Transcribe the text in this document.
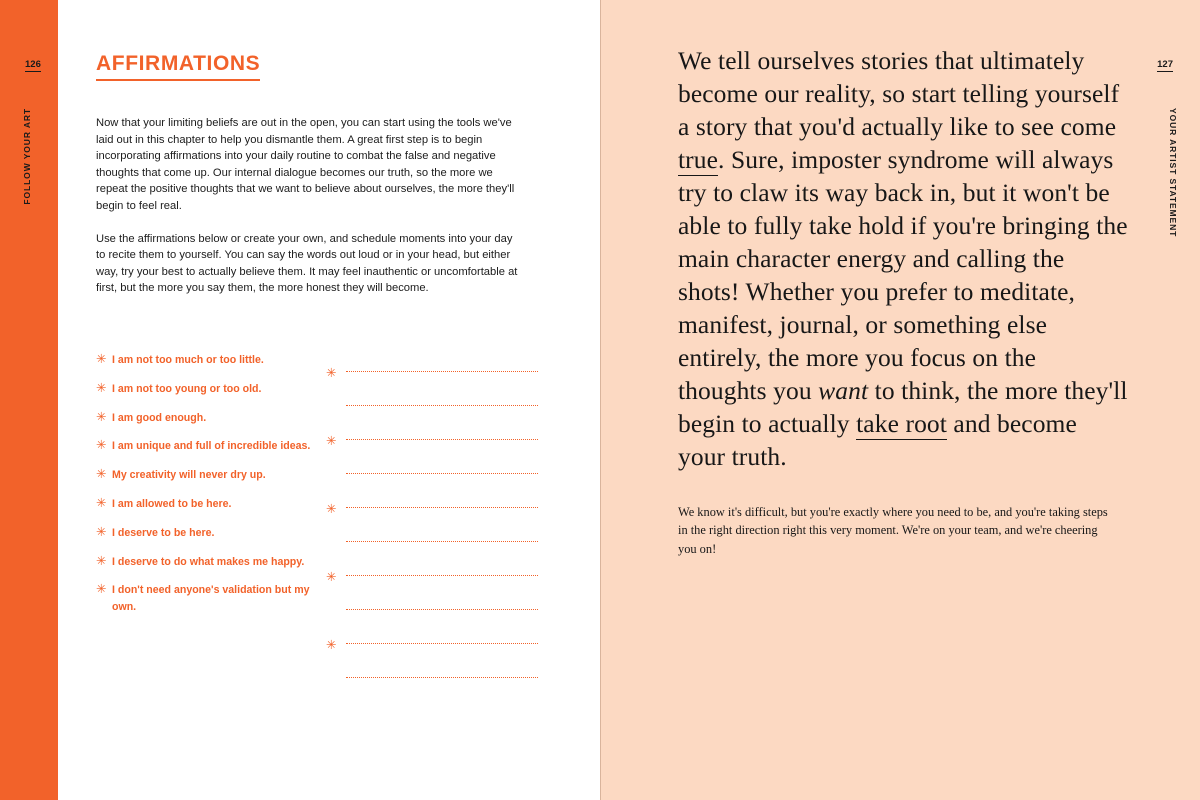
126
FOLLOW YOUR ART
AFFIRMATIONS

Now that your limiting beliefs are out in the open, you can start using the tools we've laid out in this chapter to help you dismantle them. A great first step is to begin incorporating affirmations into your daily routine to combat the false and negative thoughts that come up. Our internal dialogue becomes our truth, so the more we repeat the positive thoughts that we want to believe about ourselves, the more they'll begin to feel real.

Use the affirmations below or create your own, and schedule moments into your day to recite them to yourself. You can say the words out loud or in your head, but either way, try your best to actually believe them. It may feel inauthentic or uncomfortable at first, but the more you say them, the more honest they will become.

✳ I am not too much or too little.
✳ I am not too young or too old.
✳ I am good enough.
✳ I am unique and full of incredible ideas.
✳ My creativity will never dry up.
✳ I am allowed to be here.
✳ I deserve to be here.
✳ I deserve to do what makes me happy.
✳ I don't need anyone's validation but my own.
✳
✳
✳
✳
✳
127
YOUR ARTIST STATEMENT

We tell ourselves stories that ultimately become our reality, so start telling yourself a story that you'd actually like to see come true. Sure, imposter syndrome will always try to claw its way back in, but it won't be able to fully take hold if you're bringing the main character energy and calling the shots! Whether you prefer to meditate, manifest, journal, or something else entirely, the more you focus on the thoughts you want to think, the more they'll begin to actually take root and become your truth.

We know it's difficult, but you're exactly where you need to be, and you're taking steps in the right direction right this very moment. We're on your team, and we're cheering you on!
